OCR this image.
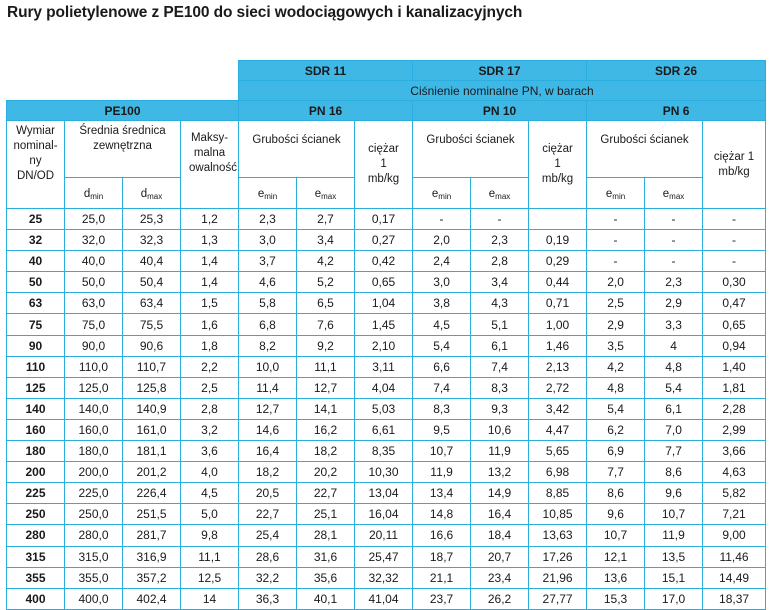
Rury polietylenowe z PE100 do sieci wodociągowych i kanalizacyjnych
				SDR 11			SDR 17			SDR 26		
				Ciśnienie nominalne PN, w barach								
PE100				PN 16			PN 10			PN 6		
Wymiar nominal-ny DN/OD	Średnia średnica zewnętrzna		Maksy-malna owalność	Grubości ścianek		ciężar 1 mb/kg	Grubości ścianek		ciężar 1 mb/kg	Grubości ścianek		ciężar 1 mb/kg
	$d_{min}$	$d_{max}$		$e_{min}$	$e_{max}$		$e_{min}$	$e_{max}$		$e_{min}$	$e_{max}$
25	25,0	25,3	1,2	2,3	2,7	0,17	-	-		-	-	-
32	32,0	32,3	1,3	3,0	3,4	0,27	2,0	2,3	0,19	-	-	-
40	40,0	40,4	1,4	3,7	4,2	0,42	2,4	2,8	0,29	-	-	-
50	50,0	50,4	1,4	4,6	5,2	0,65	3,0	3,4	0,44	2,0	2,3	0,30
63	63,0	63,4	1,5	5,8	6,5	1,04	3,8	4,3	0,71	2,5	2,9	0,47
75	75,0	75,5	1,6	6,8	7,6	1,45	4,5	5,1	1,00	2,9	3,3	0,65
90	90,0	90,6	1,8	8,2	9,2	2,10	5,4	6,1	1,46	3,5	4	0,94
110	110,0	110,7	2,2	10,0	11,1	3,11	6,6	7,4	2,13	4,2	4,8	1,40
125	125,0	125,8	2,5	11,4	12,7	4,04	7,4	8,3	2,72	4,8	5,4	1,81
140	140,0	140,9	2,8	12,7	14,1	5,03	8,3	9,3	3,42	5,4	6,1	2,28
160	160,0	161,0	3,2	14,6	16,2	6,61	9,5	10,6	4,47	6,2	7,0	2,99
180	180,0	181,1	3,6	16,4	18,2	8,35	10,7	11,9	5,65	6,9	7,7	3,66
200	200,0	201,2	4,0	18,2	20,2	10,30	11,9	13,2	6,98	7,7	8,6	4,63
225	225,0	226,4	4,5	20,5	22,7	13,04	13,4	14,9	8,85	8,6	9,6	5,82
250	250,0	251,5	5,0	22,7	25,1	16,04	14,8	16,4	10,85	9,6	10,7	7,21
280	280,0	281,7	9,8	25,4	28,1	20,11	16,6	18,4	13,63	10,7	11,9	9,00
315	315,0	316,9	11,1	28,6	31,6	25,47	18,7	20,7	17,26	12,1	13,5	11,46
355	355,0	357,2	12,5	32,2	35,6	32,32	21,1	23,4	21,96	13,6	15,1	14,49
400	400,0	402,4	14	36,3	40,1	41,04	23,7	26,2	27,77	15,3	17,0	18,37
